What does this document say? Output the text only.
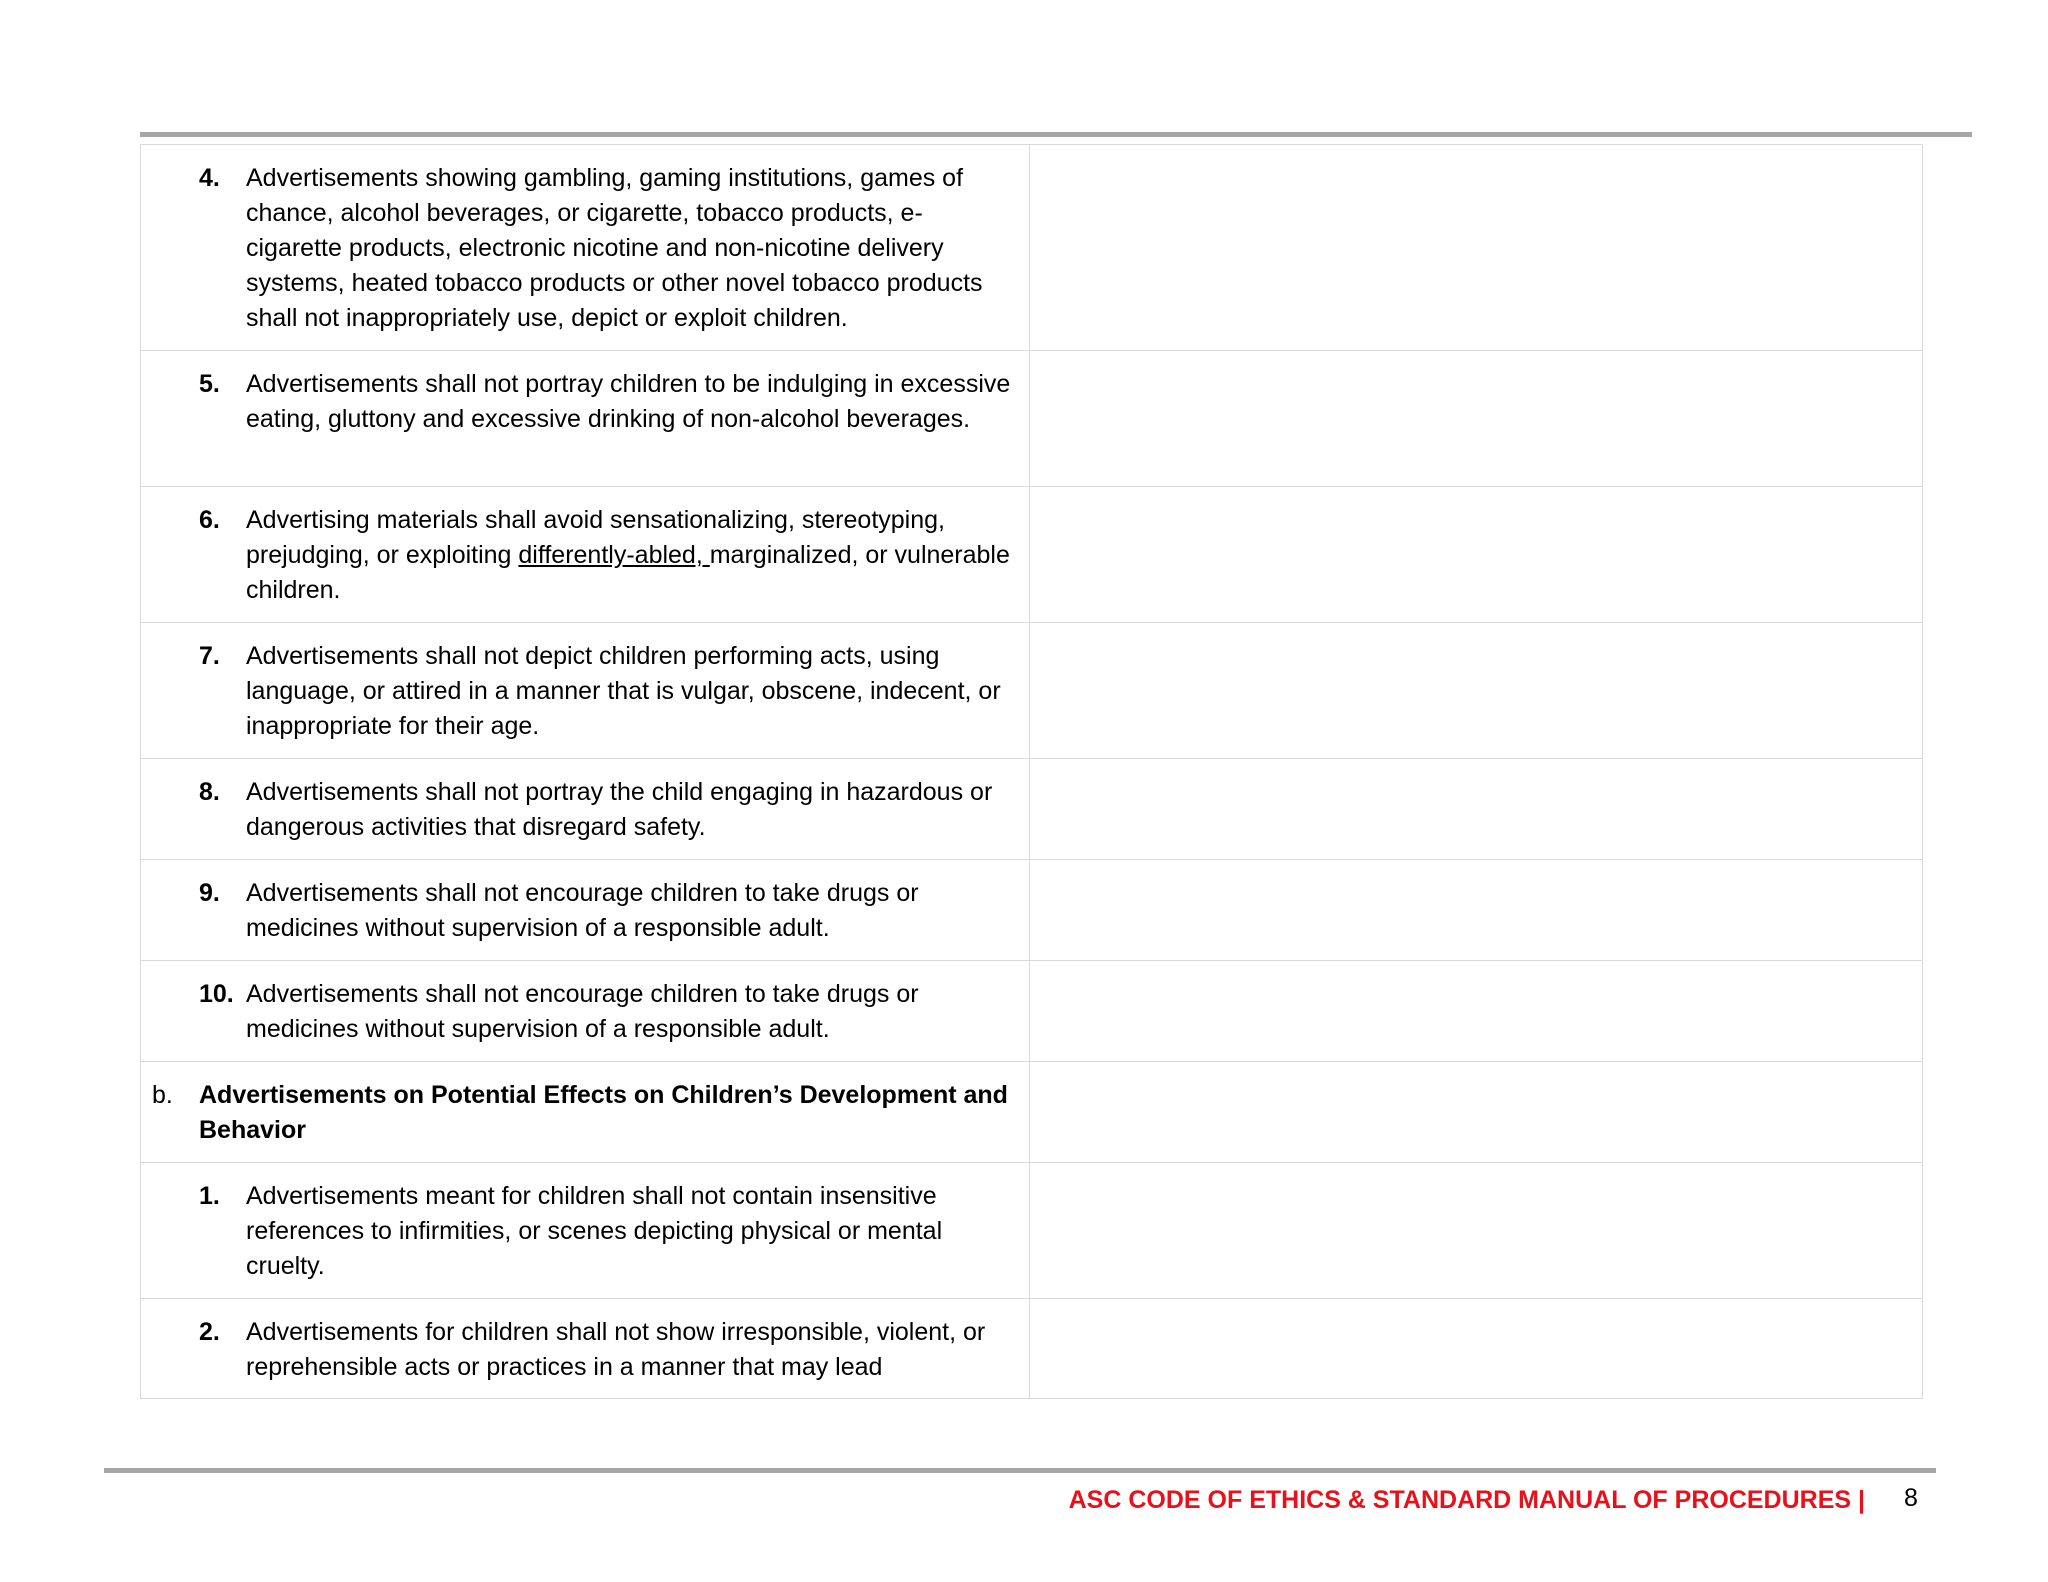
4. Advertisements showing gambling, gaming institutions, games of chance, alcohol beverages, or cigarette, tobacco products, e-cigarette products, electronic nicotine and non-nicotine delivery systems, heated tobacco products or other novel tobacco products shall not inappropriately use, depict or exploit children.	

5. Advertisements shall not portray children to be indulging in excessive eating, gluttony and excessive drinking of non-alcohol beverages.	

6. Advertising materials shall avoid sensationalizing, stereotyping, prejudging, or exploiting differently-abled, marginalized, or vulnerable children.	

7. Advertisements shall not depict children performing acts, using language, or attired in a manner that is vulgar, obscene, indecent, or inappropriate for their age.	

8. Advertisements shall not portray the child engaging in hazardous or dangerous activities that disregard safety.	

9. Advertisements shall not encourage children to take drugs or medicines without supervision of a responsible adult.	

10. Advertisements shall not encourage children to take drugs or medicines without supervision of a responsible adult.	

b. Advertisements on Potential Effects on Children’s Development and Behavior	

1. Advertisements meant for children shall not contain insensitive references to infirmities, or scenes depicting physical or mental cruelty.	

2. Advertisements for children shall not show irresponsible, violent, or reprehensible acts or practices in a manner that may lead	

ASC CODE OF ETHICS & STANDARD MANUAL OF PROCEDURES | 8
